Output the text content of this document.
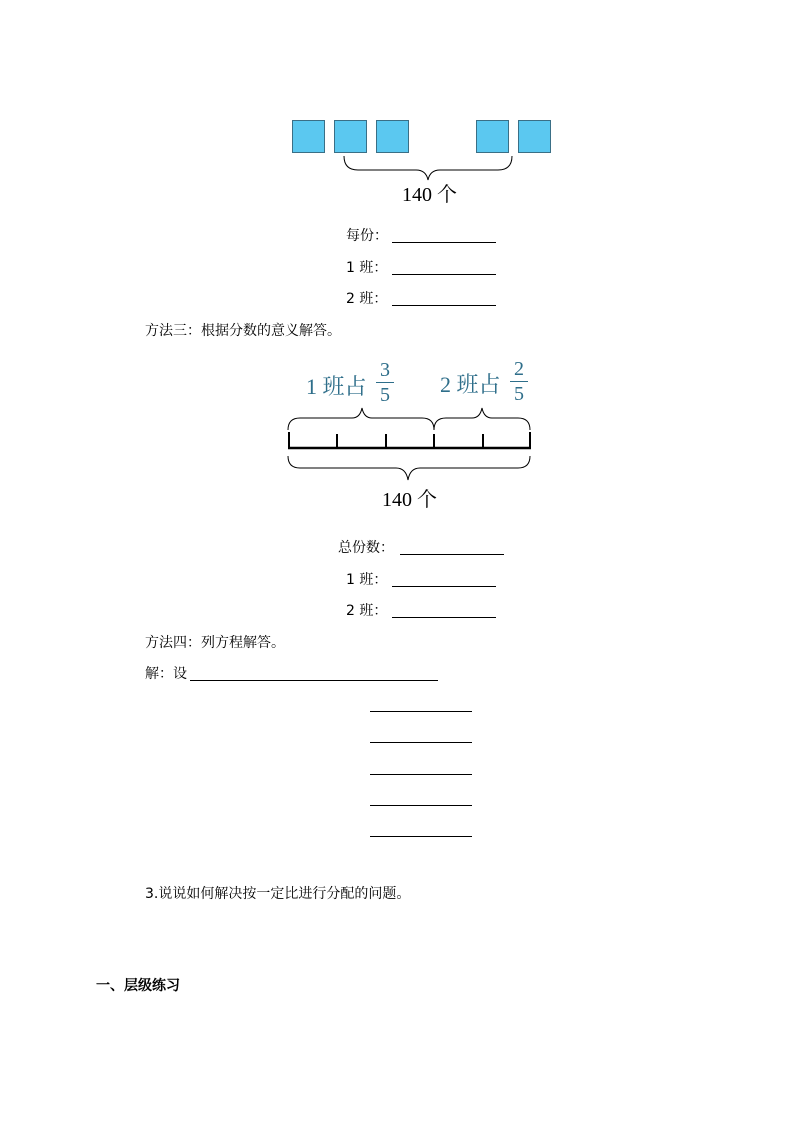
140 个
每份：
1 班：
2 班：
方法三：根据分数的意义解答。
1 班占
3
5 2 班占
2
5
140 个
总份数：
1 班：
2 班：
方法四：列方程解答。
解：设
3.说说如何解决按一定比进行分配的问题。
一、层级练习
